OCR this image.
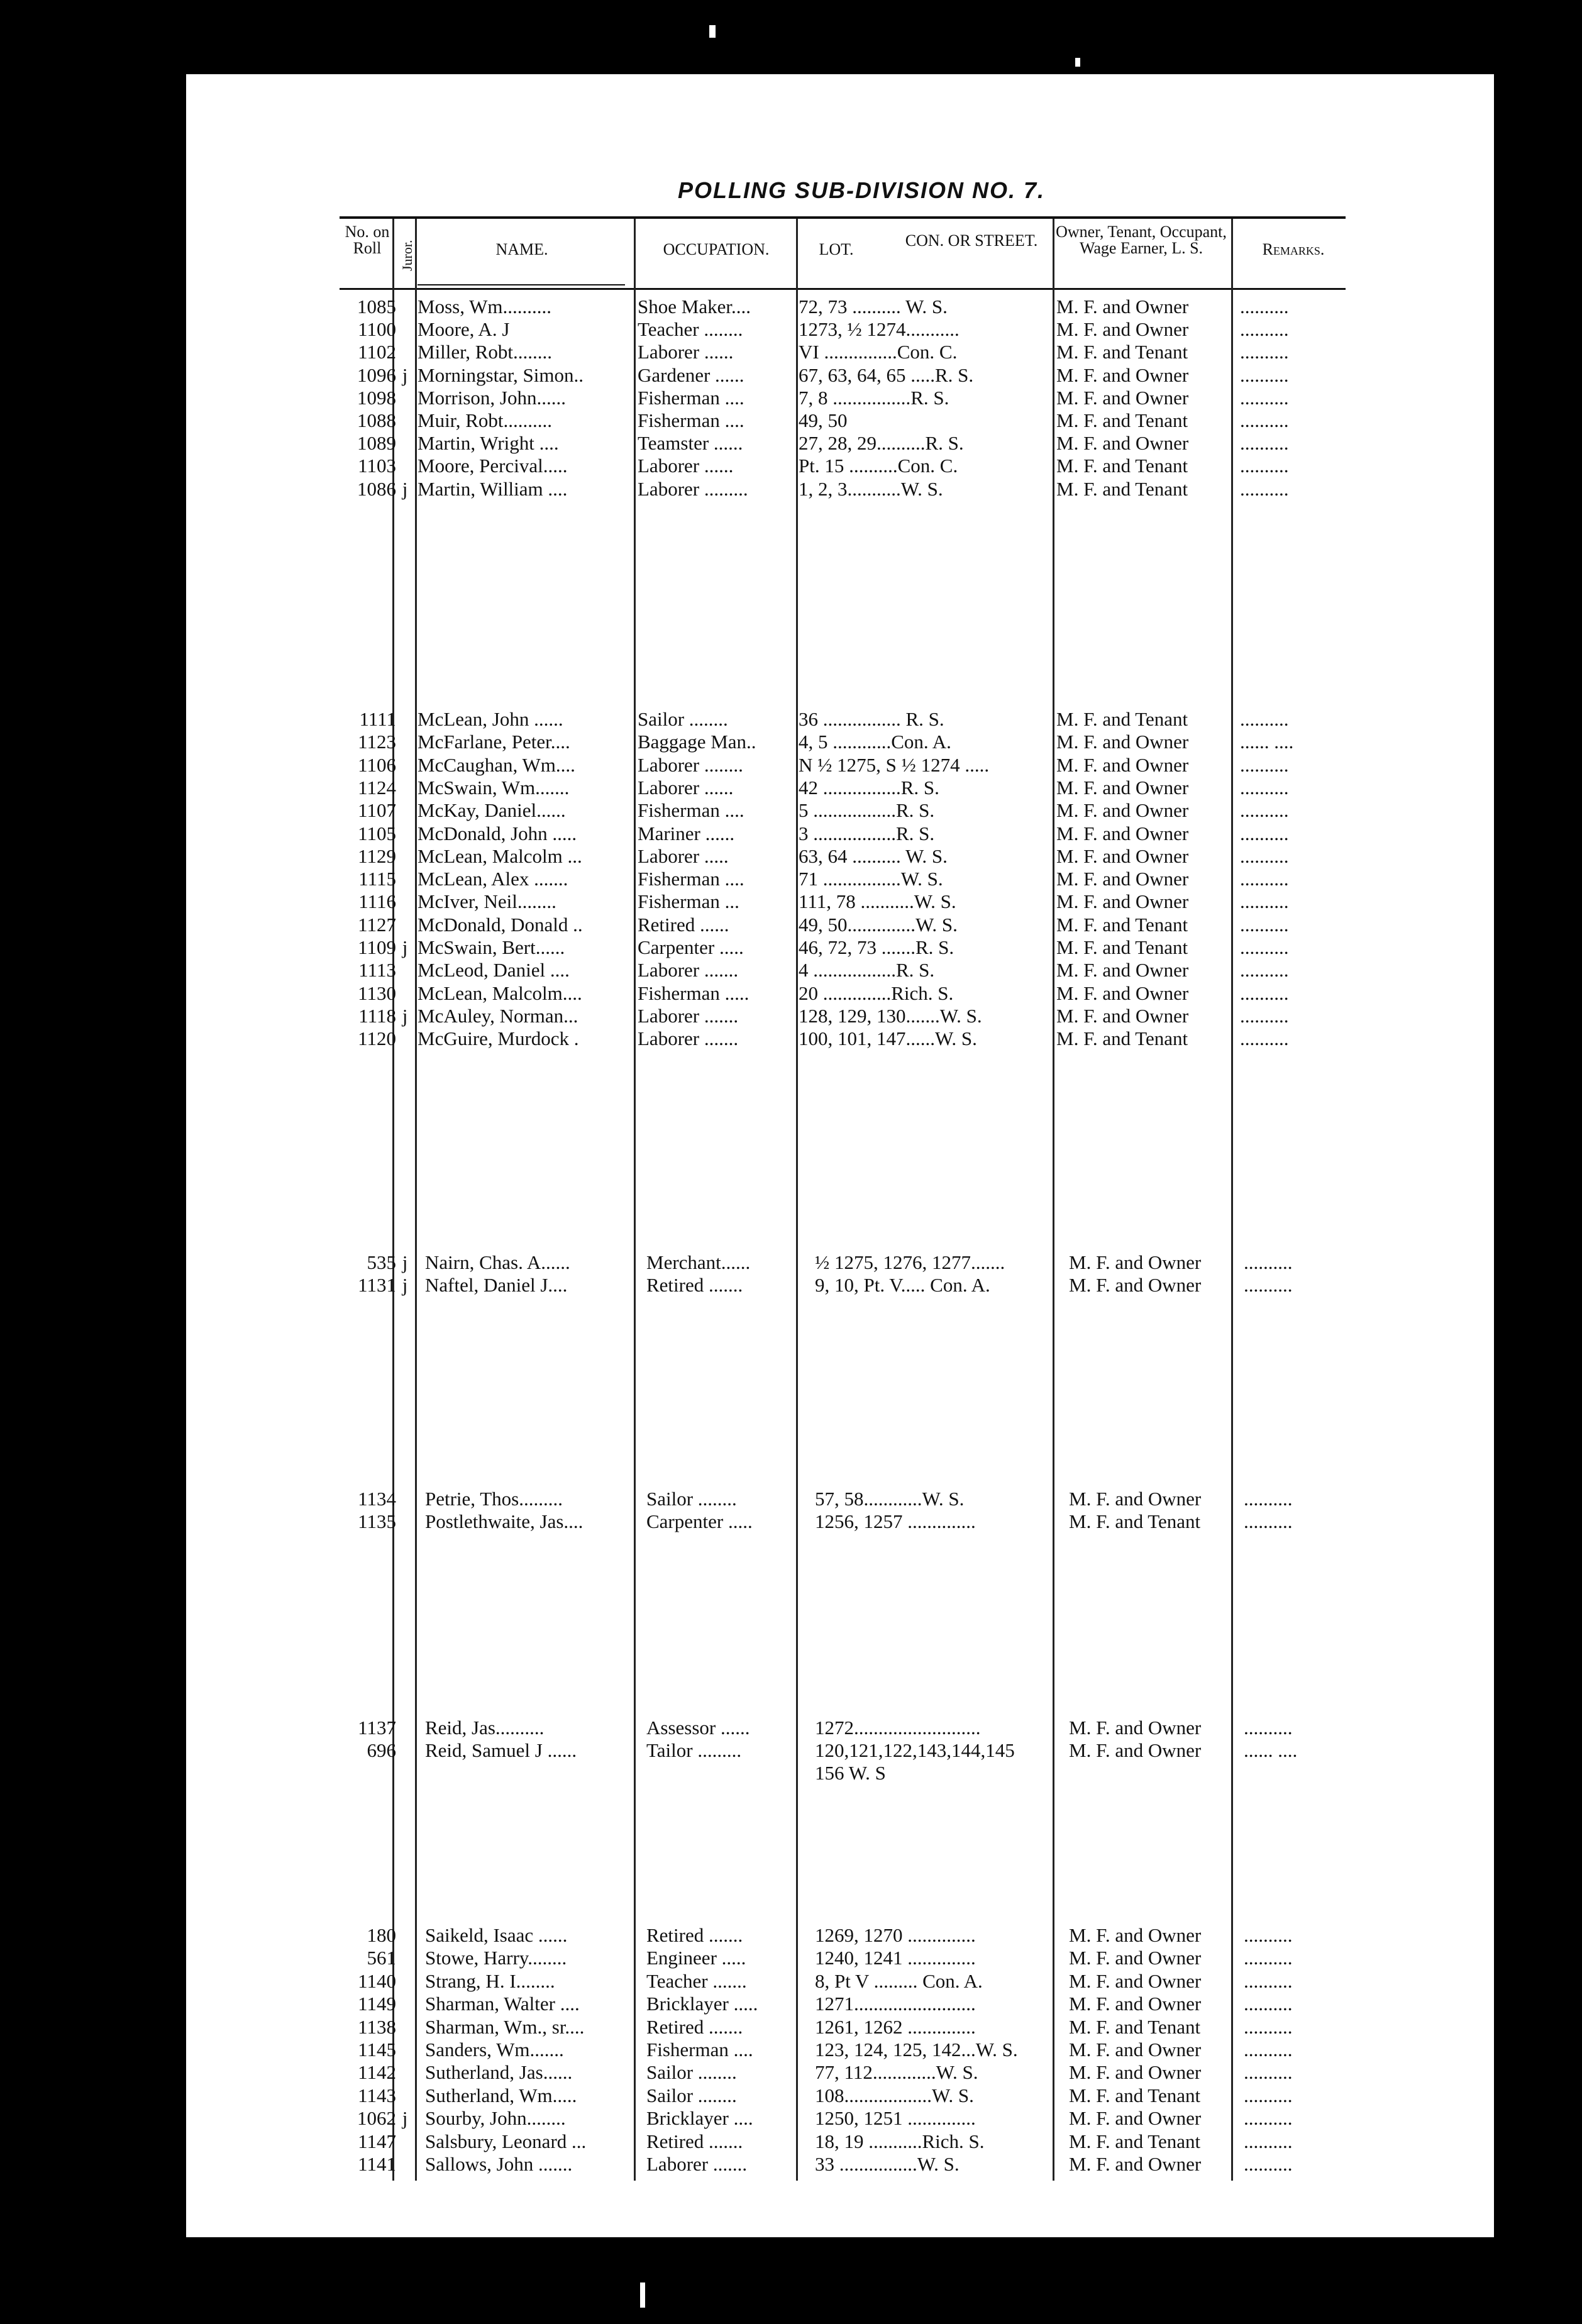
POLLING SUB-DIVISION NO. 7.
No. on Roll	Juror.	NAME.	OCCUPATION.	LOT.	CON. OR STREET.	Owner, Tenant, Occupant, Wage Earner, L. S.	Remarks.
1085 Moss, Wm..........	Shoe Maker....	72, 73 .......... W. S.	M. F. and Owner	..........
1100 Moore, A. J	Teacher ........	1273, ½ 1274...........	M. F. and Owner	..........
1102 Miller, Robt........	Laborer ......	VI ...............Con. C.	M. F. and Tenant	..........
1096 j Morningstar, Simon..	Gardener ......	67, 63, 64, 65 .....R. S.	M. F. and Owner	..........
1098 Morrison, John......	Fisherman ....	7, 8 ................R. S.	M. F. and Owner	..........
1088 Muir, Robt..........	Fisherman ....	49, 50	M. F. and Tenant	..........
1089 Martin, Wright ....	Teamster ......	27, 28, 29..........R. S.	M. F. and Owner	..........
1103 Moore, Percival.....	Laborer ......	Pt. 15 ..........Con. C.	M. F. and Tenant	..........
1086 j Martin, William ....	Laborer .........	1, 2, 3...........W. S.	M. F. and Tenant	..........
1111 McLean, John ......	Sailor ........	36 ................ R. S.	M. F. and Tenant	..........
1123 McFarlane, Peter....	Baggage Man..	4, 5 ............Con. A.	M. F. and Owner	...... ....
1106 McCaughan, Wm....	Laborer ........	N ½ 1275, S ½ 1274 .....	M. F. and Owner	..........
1124 McSwain, Wm.......	Laborer ......	42 ................R. S.	M. F. and Owner	..........
1107 McKay, Daniel......	Fisherman ....	5 .................R. S.	M. F. and Owner	..........
1105 McDonald, John .....	Mariner ......	3 .................R. S.	M. F. and Owner	..........
1129 McLean, Malcolm ...	Laborer .....	63, 64 .......... W. S.	M. F. and Owner	..........
1115 McLean, Alex .......	Fisherman ....	71 ................W. S.	M. F. and Owner	..........
1116 McIver, Neil........	Fisherman ...	111, 78 ...........W. S.	M. F. and Owner	..........
1127 McDonald, Donald ..	Retired ......	49, 50..............W. S.	M. F. and Tenant	..........
1109 j McSwain, Bert......	Carpenter .....	46, 72, 73 .......R. S.	M. F. and Tenant	..........
1113 McLeod, Daniel ....	Laborer .......	4 .................R. S.	M. F. and Owner	..........
1130 McLean, Malcolm....	Fisherman .....	20 ..............Rich. S.	M. F. and Owner	..........
1118 j McAuley, Norman...	Laborer .......	128, 129, 130.......W. S.	M. F. and Owner	..........
1120 McGuire, Murdock .	Laborer .......	100, 101, 147......W. S.	M. F. and Tenant	..........
535 j Nairn, Chas. A......	Merchant......	½ 1275, 1276, 1277.......	M. F. and Owner	..........
1131 j Naftel, Daniel J....	Retired .......	9, 10, Pt. V..... Con. A.	M. F. and Owner	..........
1134 Petrie, Thos.........	Sailor ........	57, 58............W. S.	M. F. and Owner	..........
1135 Postlethwaite, Jas....	Carpenter .....	1256, 1257 ..............	M. F. and Tenant	..........
1137 Reid, Jas..........	Assessor ......	1272..........................	M. F. and Owner	..........
696 Reid, Samuel J ......	Tailor .........	120,121,122,143,144,145	M. F. and Owner	...... ....
156 W. S
180 Saikeld, Isaac ......	Retired .......	1269, 1270 ..............	M. F. and Owner	..........
561 Stowe, Harry........	Engineer .....	1240, 1241 ..............	M. F. and Owner	..........
1140 Strang, H. I........	Teacher .......	8, Pt V ......... Con. A.	M. F. and Owner	..........
1149 Sharman, Walter ....	Bricklayer .....	1271.........................	M. F. and Owner	..........
1138 Sharman, Wm., sr....	Retired .......	1261, 1262 ..............	M. F. and Tenant	..........
1145 Sanders, Wm.......	Fisherman ....	123, 124, 125, 142...W. S.	M. F. and Owner	..........
1142 Sutherland, Jas......	Sailor ........	77, 112.............W. S.	M. F. and Owner	..........
1143 Sutherland, Wm.....	Sailor ........	108..................W. S.	M. F. and Tenant	..........
1062 j Sourby, John........	Bricklayer ....	1250, 1251 ..............	M. F. and Owner	..........
1147 Salsbury, Leonard ...	Retired .......	18, 19 ...........Rich. S.	M. F. and Tenant	..........
1141 Sallows, John .......	Laborer .......	33 ................W. S.	M. F. and Owner	..........
